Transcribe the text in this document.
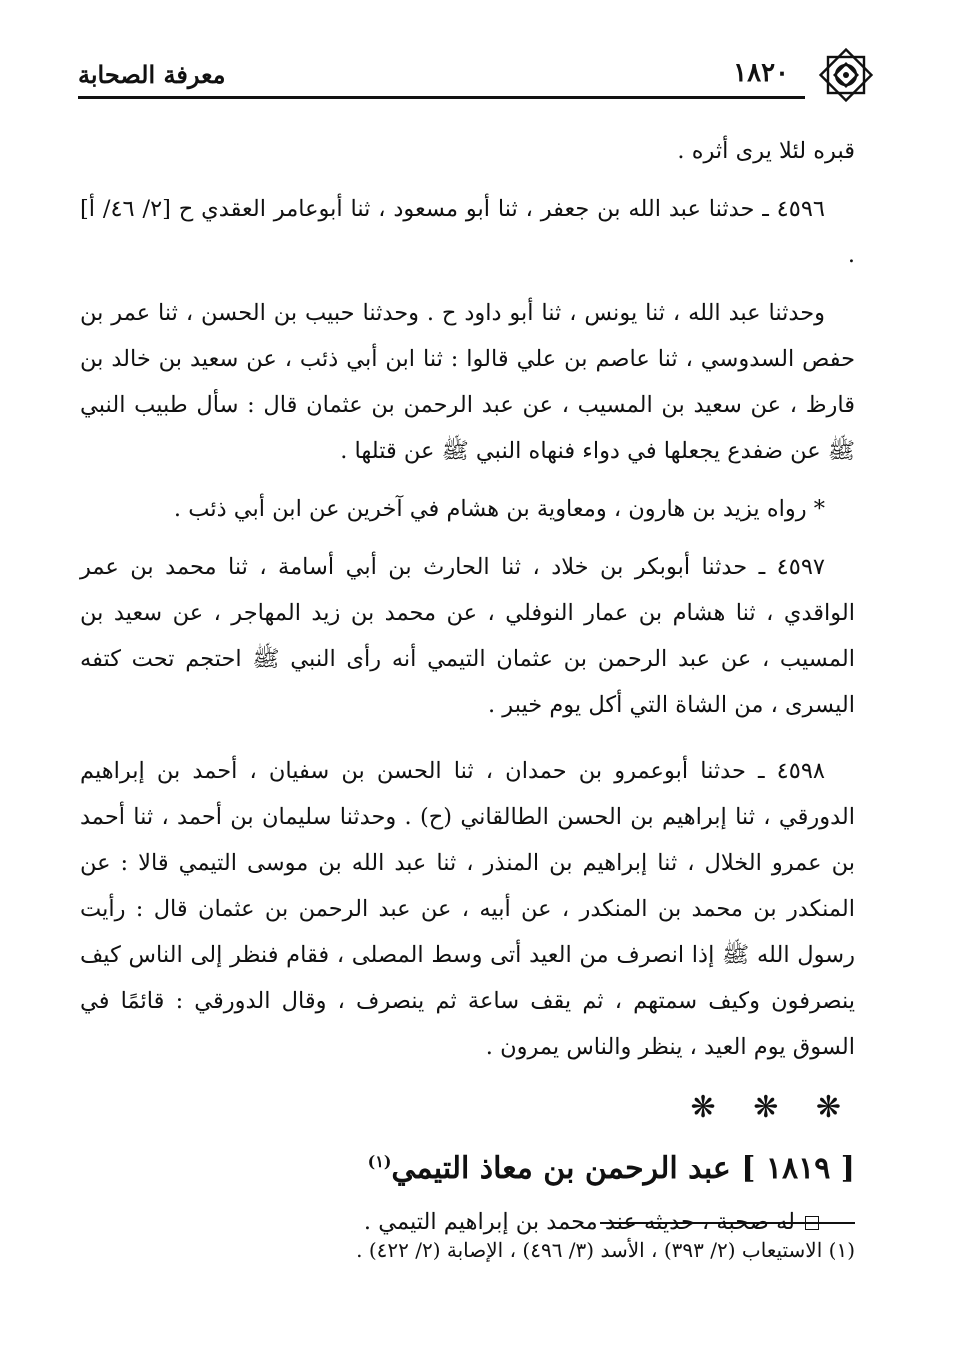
١٨٢٠
معرفة الصحابة

قبره لئلا يرى أثره .

٤٥٩٦ ـ حدثنا عبد الله بن جعفر ، ثنا أبو مسعود ، ثنا أبوعامر العقدي ح [٢/ ٤٦/ أ] .

وحدثنا عبد الله ، ثنا يونس ، ثنا أبو داود ح . وحدثنا حبيب بن الحسن ، ثنا عمر بن حفص السدوسي ، ثنا عاصم بن علي قالوا : ثنا ابن أبي ذئب ، عن سعيد بن خالد بن قارظ ، عن سعيد بن المسيب ، عن عبد الرحمن بن عثمان قال : سأل طبيب النبي ﷺ عن ضفدع يجعلها في دواء فنهاه النبي ﷺ عن قتلها .

* رواه يزيد بن هارون ، ومعاوية بن هشام في آخرين عن ابن أبي ذئب .

٤٥٩٧ ـ حدثنا أبوبكر بن خلاد ، ثنا الحارث بن أبي أسامة ، ثنا محمد بن عمر الواقدي ، ثنا هشام بن عمار النوفلي ، عن محمد بن زيد المهاجر ، عن سعيد بن المسيب ، عن عبد الرحمن بن عثمان التيمي أنه رأى النبي ﷺ احتجم تحت كتفه اليسرى ، من الشاة التي أكل يوم خيبر .

٤٥٩٨ ـ حدثنا أبوعمرو بن حمدان ، ثنا الحسن بن سفيان ، أحمد بن إبراهيم الدورقي ، ثنا إبراهيم بن الحسن الطالقاني (ح) . وحدثنا سليمان بن أحمد ، ثنا أحمد بن عمرو الخلال ، ثنا إبراهيم بن المنذر ، ثنا عبد الله بن موسى التيمي قالا : عن المنكدر بن محمد بن المنكدر ، عن أبيه ، عن عبد الرحمن بن عثمان قال : رأيت رسول الله ﷺ إذا انصرف من العيد أتى وسط المصلى ، فقام فنظر إلى الناس كيف ينصرفون وكيف سمتهم ، ثم يقف ساعة ثم ينصرف ، وقال الدورقي : قائمًا في السوق يوم العيد ، ينظر والناس يمرون .

❋ ❋ ❋
[ ١٨١٩ ] عبد الرحمن بن معاذ التيمي$^{(١)}$

له صحبة ، حديثه عند محمد بن إبراهيم التيمي .

(١) الاستيعاب (٢/ ٣٩٣) ، الأسد (٣/ ٤٩٦) ، الإصابة (٢/ ٤٢٢) .
